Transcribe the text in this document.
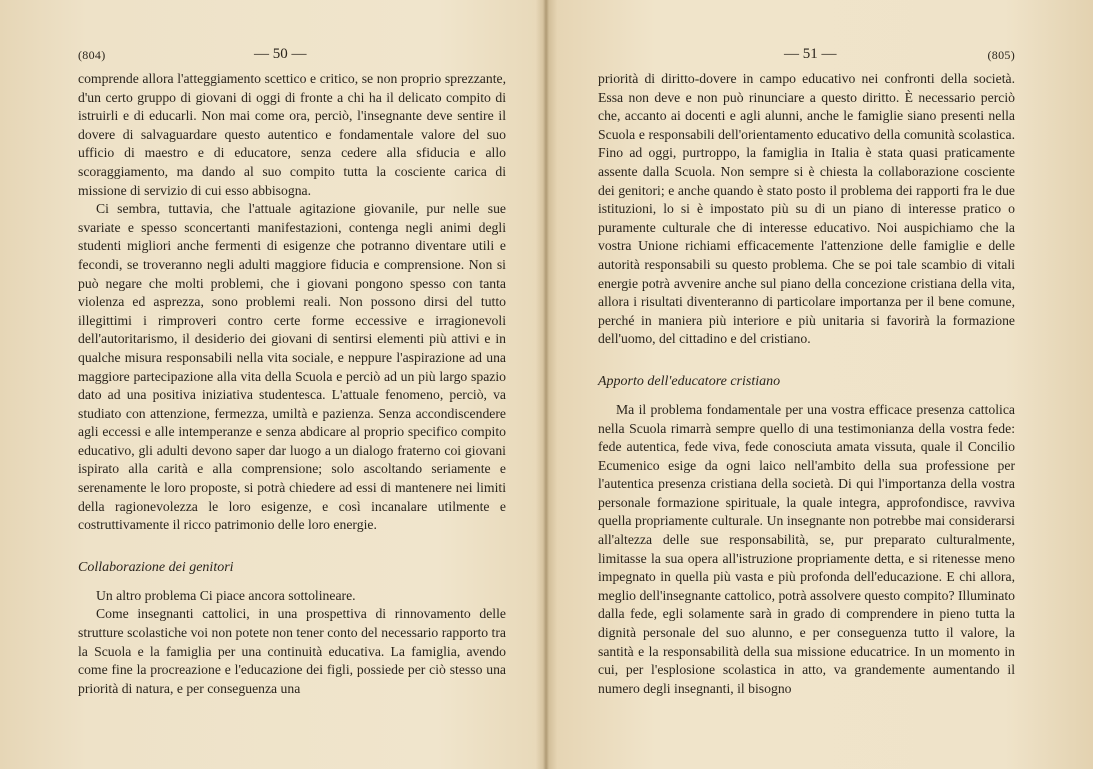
(804)	— 50 —

comprende allora l'atteggiamento scettico e critico, se non proprio sprezzante, d'un certo gruppo di giovani di oggi di fronte a chi ha il delicato compito di istruirli e di educarli. Non mai come ora, perciò, l'insegnante deve sentire il dovere di salvaguardare questo autentico e fondamentale valore del suo ufficio di maestro e di educatore, senza cedere alla sfiducia e allo scoraggiamento, ma dando al suo compito tutta la cosciente carica di missione di servizio di cui esso abbisogna.

Ci sembra, tuttavia, che l'attuale agitazione giovanile, pur nelle sue svariate e spesso sconcertanti manifestazioni, contenga negli animi degli studenti migliori anche fermenti di esigenze che potranno diventare utili e fecondi, se troveranno negli adulti maggiore fiducia e comprensione. Non si può negare che molti problemi, che i giovani pongono spesso con tanta violenza ed asprezza, sono problemi reali. Non possono dirsi del tutto illegittimi i rimproveri contro certe forme eccessive e irragionevoli dell'autoritarismo, il desiderio dei giovani di sentirsi elementi più attivi e in qualche misura responsabili nella vita sociale, e neppure l'aspirazione ad una maggiore partecipazione alla vita della Scuola e perciò ad un più largo spazio dato ad una positiva iniziativa studentesca. L'attuale fenomeno, perciò, va studiato con attenzione, fermezza, umiltà e pazienza. Senza accondiscendere agli eccessi e alle intemperanze e senza abdicare al proprio specifico compito educativo, gli adulti devono saper dar luogo a un dialogo fraterno coi giovani ispirato alla carità e alla comprensione; solo ascoltando seriamente e serenamente le loro proposte, si potrà chiedere ad essi di mantenere nei limiti della ragionevolezza le loro esigenze, e così incanalare utilmente e costruttivamente il ricco patrimonio delle loro energie.

Collaborazione dei genitori

Un altro problema Ci piace ancora sottolineare.

Come insegnanti cattolici, in una prospettiva di rinnovamento delle strutture scolastiche voi non potete non tener conto del necessario rapporto tra la Scuola e la famiglia per una continuità educativa. La famiglia, avendo come fine la procreazione e l'educazione dei figli, possiede per ciò stesso una priorità di natura, e per conseguenza una

— 51 —	(805)

priorità di diritto-dovere in campo educativo nei confronti della società. Essa non deve e non può rinunciare a questo diritto. È necessario perciò che, accanto ai docenti e agli alunni, anche le famiglie siano presenti nella Scuola e responsabili dell'orientamento educativo della comunità scolastica. Fino ad oggi, purtroppo, la famiglia in Italia è stata quasi praticamente assente dalla Scuola. Non sempre si è chiesta la collaborazione cosciente dei genitori; e anche quando è stato posto il problema dei rapporti fra le due istituzioni, lo si è impostato più su di un piano di interesse pratico o puramente culturale che di interesse educativo. Noi auspichiamo che la vostra Unione richiami efficacemente l'attenzione delle famiglie e delle autorità responsabili su questo problema. Che se poi tale scambio di vitali energie potrà avvenire anche sul piano della concezione cristiana della vita, allora i risultati diventeranno di particolare importanza per il bene comune, perché in maniera più interiore e più unitaria si favorirà la formazione dell'uomo, del cittadino e del cristiano.

Apporto dell'educatore cristiano

Ma il problema fondamentale per una vostra efficace presenza cattolica nella Scuola rimarrà sempre quello di una testimonianza della vostra fede: fede autentica, fede viva, fede conosciuta amata vissuta, quale il Concilio Ecumenico esige da ogni laico nell'ambito della sua professione per l'autentica presenza cristiana della società. Di qui l'importanza della vostra personale formazione spirituale, la quale integra, approfondisce, ravviva quella propriamente culturale. Un insegnante non potrebbe mai considerarsi all'altezza delle sue responsabilità, se, pur preparato culturalmente, limitasse la sua opera all'istruzione propriamente detta, e si ritenesse meno impegnato in quella più vasta e più profonda dell'educazione. E chi allora, meglio dell'insegnante cattolico, potrà assolvere questo compito? Illuminato dalla fede, egli solamente sarà in grado di comprendere in pieno tutta la dignità personale del suo alunno, e per conseguenza tutto il valore, la santità e la responsabilità della sua missione educatrice. In un momento in cui, per l'esplosione scolastica in atto, va grandemente aumentando il numero degli insegnanti, il bisogno
